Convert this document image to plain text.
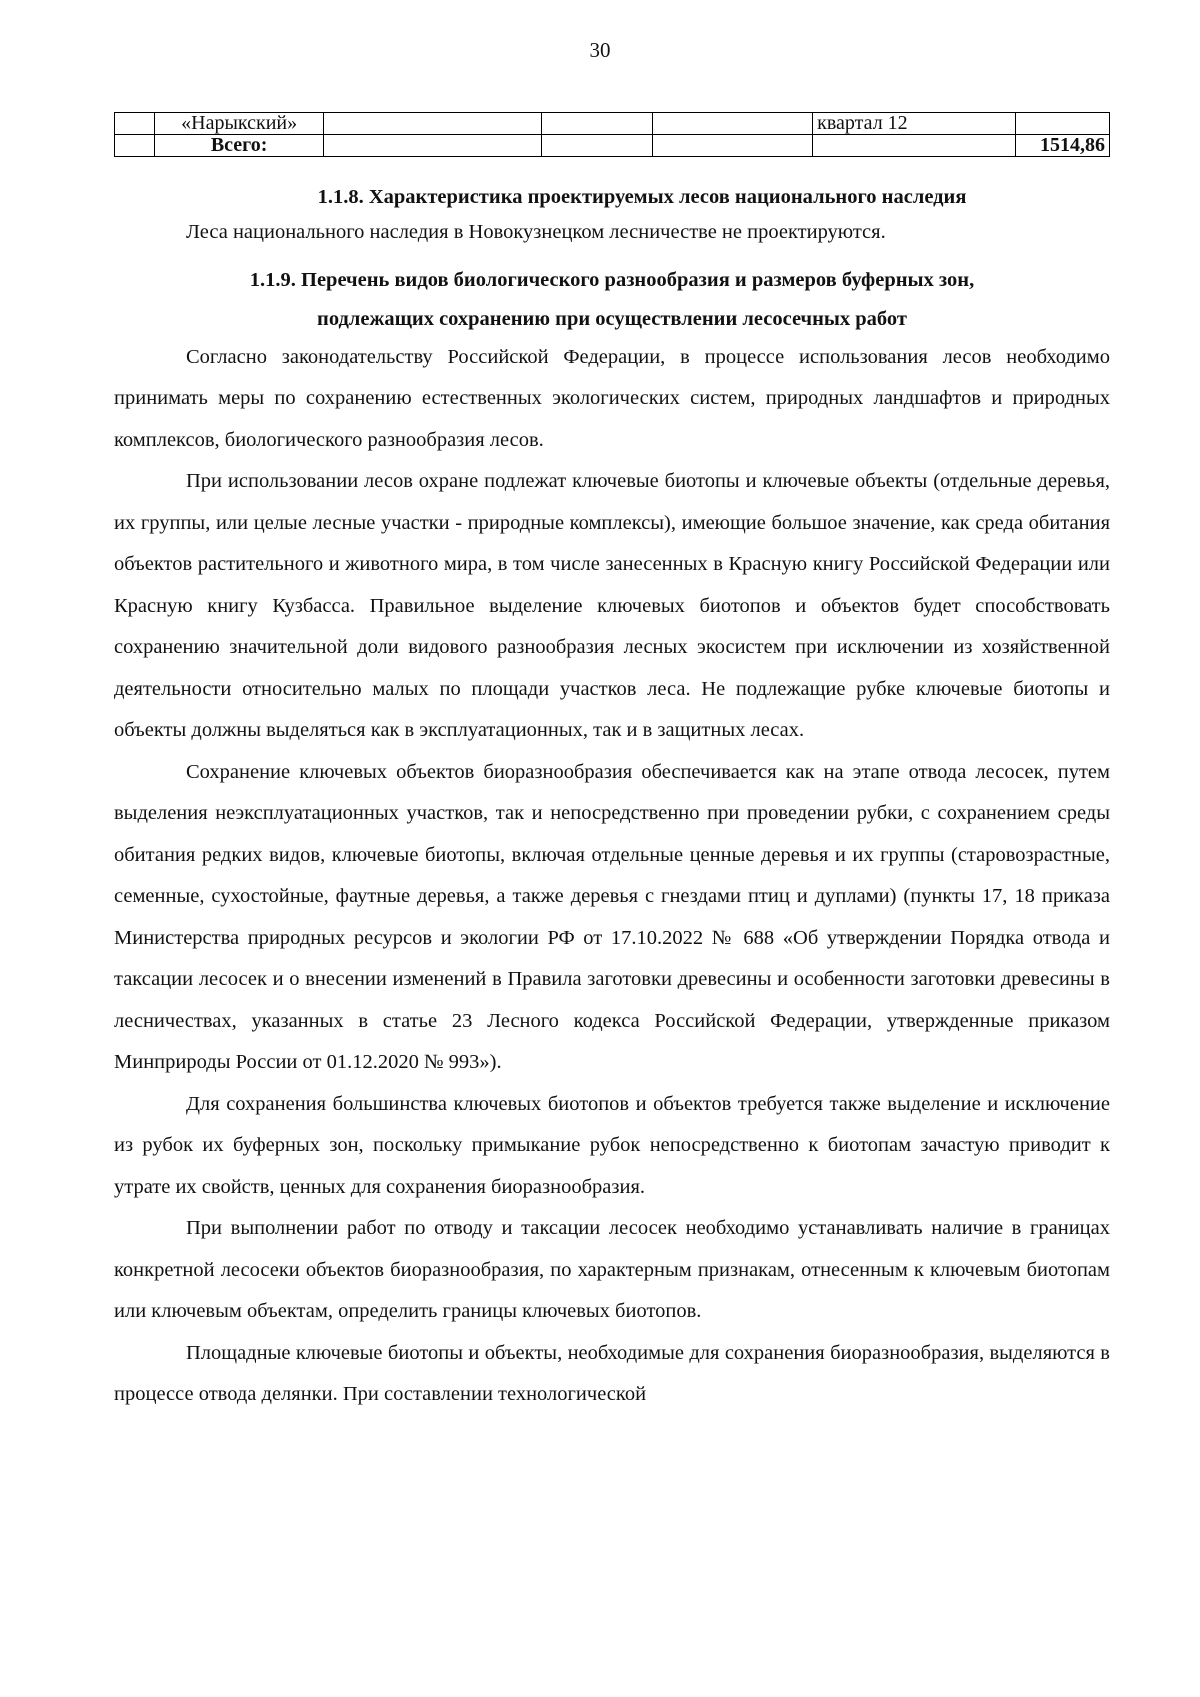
30
	«Нарыкский»				квартал 12	
	Всего:					1514,86
1.1.8. Характеристика проектируемых лесов национального наследия

Леса национального наследия в Новокузнецком лесничестве не проектируются.

1.1.9. Перечень видов биологического разнообразия и размеров буферных зон,
подлежащих сохранению при осуществлении лесосечных работ

Согласно законодательству Российской Федерации, в процессе использования лесов необходимо принимать меры по сохранению естественных экологических систем, природных ландшафтов и природных комплексов, биологического разнообразия лесов.

При использовании лесов охране подлежат ключевые биотопы и ключевые объекты (отдельные деревья, их группы, или целые лесные участки - природные комплексы), имеющие большое значение, как среда обитания объектов растительного и животного мира, в том числе занесенных в Красную книгу Российской Федерации или Красную книгу Кузбасса. Правильное выделение ключевых биотопов и объектов будет способствовать сохранению значительной доли видового разнообразия лесных экосистем при исключении из хозяйственной деятельности относительно малых по площади участков леса. Не подлежащие рубке ключевые биотопы и объекты должны выделяться как в эксплуатационных, так и в защитных лесах.

Сохранение ключевых объектов биоразнообразия обеспечивается как на этапе отвода лесосек, путем выделения неэксплуатационных участков, так и непосредственно при проведении рубки, с сохранением среды обитания редких видов, ключевые биотопы, включая отдельные ценные деревья и их группы (старовозрастные, семенные, сухостойные, фаутные деревья, а также деревья с гнездами птиц и дуплами) (пункты 17, 18 приказа Министерства природных ресурсов и экологии РФ от 17.10.2022 № 688 «Об утверждении Порядка отвода и таксации лесосек и о внесении изменений в Правила заготовки древесины и особенности заготовки древесины в лесничествах, указанных в статье 23 Лесного кодекса Российской Федерации, утвержденные приказом Минприроды России от 01.12.2020 № 993»).

Для сохранения большинства ключевых биотопов и объектов требуется также выделение и исключение из рубок их буферных зон, поскольку примыкание рубок непосредственно к биотопам зачастую приводит к утрате их свойств, ценных для сохранения биоразнообразия.

При выполнении работ по отводу и таксации лесосек необходимо устанавливать наличие в границах конкретной лесосеки объектов биоразнообразия, по характерным признакам, отнесенным к ключевым биотопам или ключевым объектам, определить границы ключевых биотопов.

Площадные ключевые биотопы и объекты, необходимые для сохранения биоразнообразия, выделяются в процессе отвода делянки. При составлении технологической
